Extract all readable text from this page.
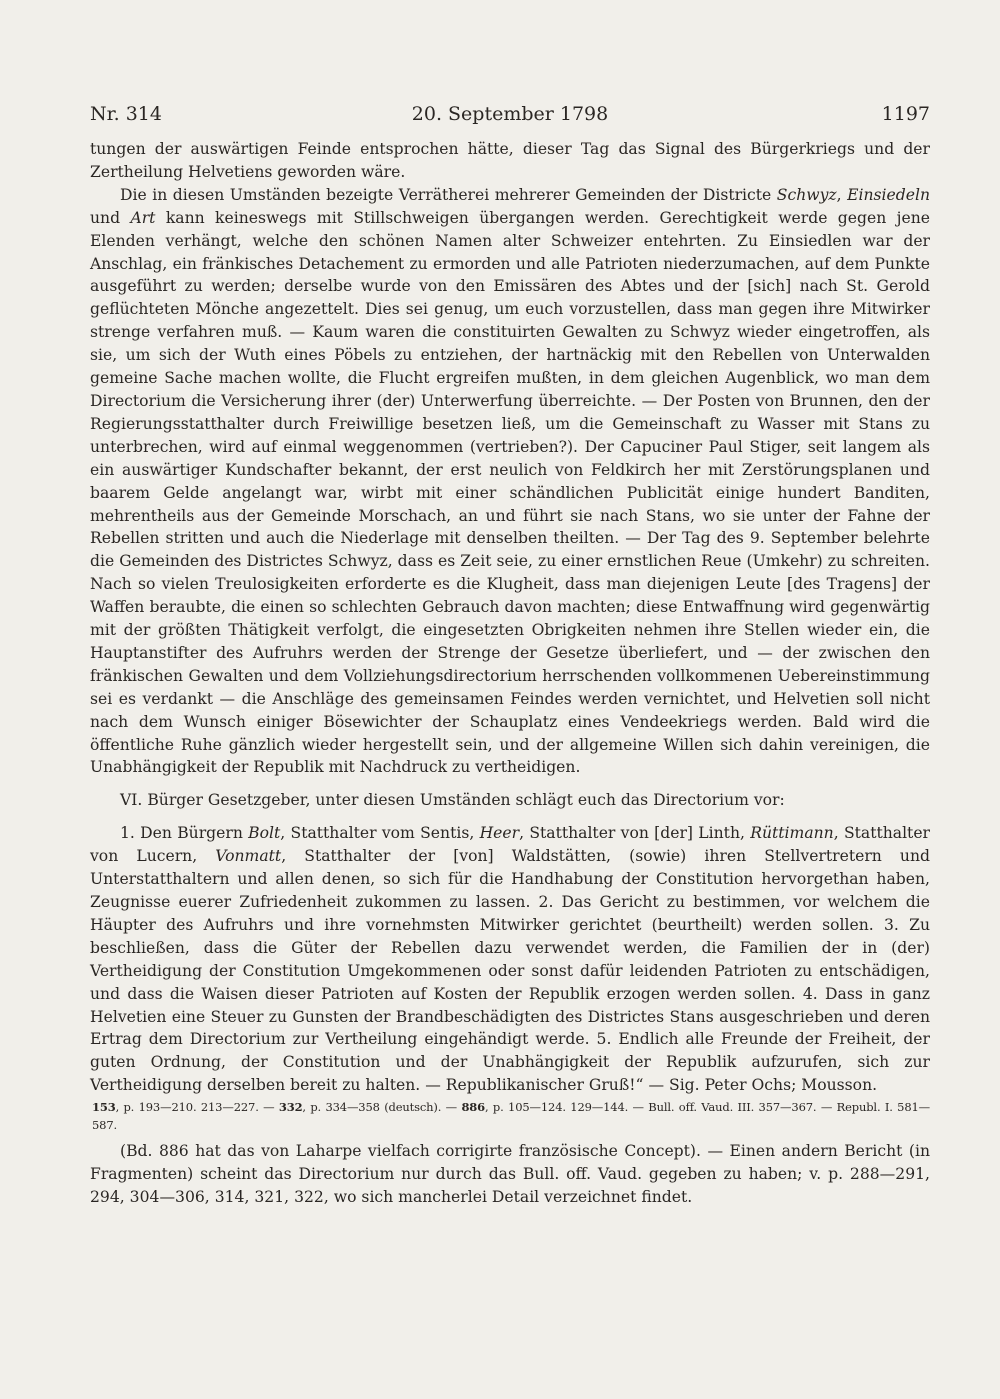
Nr. 314	20. September 1798	1197

tungen der auswärtigen Feinde entsprochen hätte, dieser Tag das Signal des Bürgerkriegs und der Zertheilung Helvetiens geworden wäre.

Die in diesen Umständen bezeigte Verrätherei mehrerer Gemeinden der Districte Schwyz, Einsiedeln und Art kann keineswegs mit Stillschweigen übergangen werden. Gerechtigkeit werde gegen jene Elenden verhängt, welche den schönen Namen alter Schweizer entehrten. Zu Einsiedlen war der Anschlag, ein fränkisches Detachement zu ermorden und alle Patrioten niederzumachen, auf dem Punkte ausgeführt zu werden; derselbe wurde von den Emissären des Abtes und der [sich] nach St. Gerold geflüchteten Mönche angezettelt. Dies sei genug, um euch vorzustellen, dass man gegen ihre Mitwirker strenge verfahren muß. — Kaum waren die constituirten Gewalten zu Schwyz wieder eingetroffen, als sie, um sich der Wuth eines Pöbels zu entziehen, der hartnäckig mit den Rebellen von Unterwalden gemeine Sache machen wollte, die Flucht ergreifen mußten, in dem gleichen Augenblick, wo man dem Directorium die Versicherung ihrer (der) Unterwerfung überreichte. — Der Posten von Brunnen, den der Regierungsstatthalter durch Freiwillige besetzen ließ, um die Gemeinschaft zu Wasser mit Stans zu unterbrechen, wird auf einmal weggenommen (vertrieben?). Der Capuciner Paul Stiger, seit langem als ein auswärtiger Kundschafter bekannt, der erst neulich von Feldkirch her mit Zerstörungsplanen und baarem Gelde angelangt war, wirbt mit einer schändlichen Publicität einige hundert Banditen, mehrentheils aus der Gemeinde Morschach, an und führt sie nach Stans, wo sie unter der Fahne der Rebellen stritten und auch die Niederlage mit denselben theilten. — Der Tag des 9. September belehrte die Gemeinden des Districtes Schwyz, dass es Zeit seie, zu einer ernstlichen Reue (Umkehr) zu schreiten. Nach so vielen Treulosigkeiten erforderte es die Klugheit, dass man diejenigen Leute [des Tragens] der Waffen beraubte, die einen so schlechten Gebrauch davon machten; diese Entwaffnung wird gegenwärtig mit der größten Thätigkeit verfolgt, die eingesetzten Obrigkeiten nehmen ihre Stellen wieder ein, die Hauptanstifter des Aufruhrs werden der Strenge der Gesetze überliefert, und — der zwischen den fränkischen Gewalten und dem Vollziehungsdirectorium herrschenden vollkommenen Uebereinstimmung sei es verdankt — die Anschläge des gemeinsamen Feindes werden vernichtet, und Helvetien soll nicht nach dem Wunsch einiger Bösewichter der Schauplatz eines Vendeekriegs werden. Bald wird die öffentliche Ruhe gänzlich wieder hergestellt sein, und der allgemeine Willen sich dahin vereinigen, die Unabhängigkeit der Republik mit Nachdruck zu vertheidigen.

VI. Bürger Gesetzgeber, unter diesen Umständen schlägt euch das Directorium vor:

1. Den Bürgern Bolt, Statthalter vom Sentis, Heer, Statthalter von [der] Linth, Rüttimann, Statthalter von Lucern, Vonmatt, Statthalter der [von] Waldstätten, (sowie) ihren Stellvertretern und Unterstatthaltern und allen denen, so sich für die Handhabung der Constitution hervorgethan haben, Zeugnisse euerer Zufriedenheit zukommen zu lassen. 2. Das Gericht zu bestimmen, vor welchem die Häupter des Aufruhrs und ihre vornehmsten Mitwirker gerichtet (beurtheilt) werden sollen. 3. Zu beschließen, dass die Güter der Rebellen dazu verwendet werden, die Familien der in (der) Vertheidigung der Constitution Umgekommenen oder sonst dafür leidenden Patrioten zu entschädigen, und dass die Waisen dieser Patrioten auf Kosten der Republik erzogen werden sollen. 4. Dass in ganz Helvetien eine Steuer zu Gunsten der Brandbeschädigten des Districtes Stans ausgeschrieben und deren Ertrag dem Directorium zur Vertheilung eingehändigt werde. 5. Endlich alle Freunde der Freiheit, der guten Ordnung, der Constitution und der Unabhängigkeit der Republik aufzurufen, sich zur Vertheidigung derselben bereit zu halten. — Republikanischer Gruß!“ — Sig. Peter Ochs; Mousson.

153, p. 193—210. 213—227. — 332, p. 334—358 (deutsch). — 886, p. 105—124. 129—144. — Bull. off. Vaud. III. 357—367. — Republ. I. 581—587.

(Bd. 886 hat das von Laharpe vielfach corrigirte französische Concept). — Einen andern Bericht (in Fragmenten) scheint das Directorium nur durch das Bull. off. Vaud. gegeben zu haben; v. p. 288—291, 294, 304—306, 314, 321, 322, wo sich mancherlei Detail verzeichnet findet.
